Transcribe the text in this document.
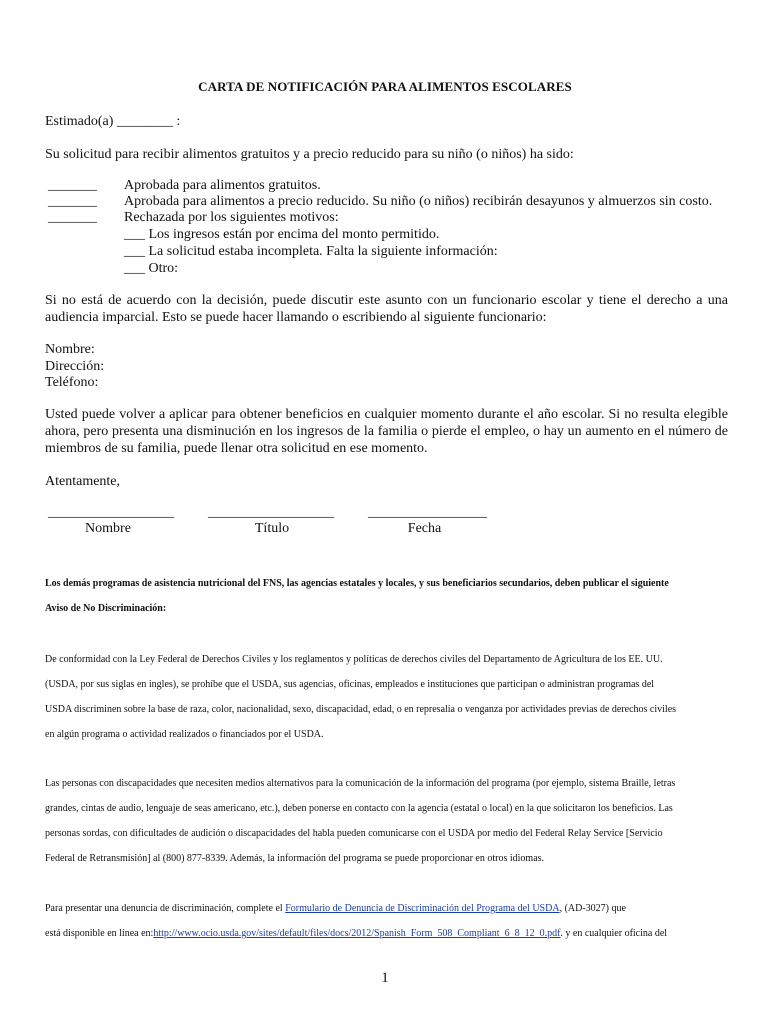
CARTA DE NOTIFICACIÓN PARA ALIMENTOS ESCOLARES
Estimado(a) ________ :
Su solicitud para recibir alimentos gratuitos y a precio reducido para su niño (o niños) ha sido:
_______
_______
_______
Aprobada para alimentos gratuitos.
Aprobada para alimentos a precio reducido. Su niño (o niños) recibirán desayunos y almuerzos sin costo.
Rechazada por los siguientes motivos:
___ Los ingresos están por encima del monto permitido.
___ La solicitud estaba incompleta. Falta la siguiente información:
___ Otro:
Si no está de acuerdo con la decisión, puede discutir este asunto con un funcionario escolar y tiene el derecho a una audiencia imparcial. Esto se puede hacer llamando o escribiendo al siguiente funcionario:
Nombre:
Dirección:
Teléfono:
Usted puede volver a aplicar para obtener beneficios en cualquier momento durante el año escolar. Si no resulta elegible ahora, pero presenta una disminución en los ingresos de la familia o pierde el empleo, o hay un aumento en el número de miembros de su familia, puede llenar otra solicitud en ese momento.
Atentamente,
__________________ __________________ _________________
Nombre	Título	Fecha
Los demás programas de asistencia nutricional del FNS, las agencias estatales y locales, y sus beneficiarios secundarios, deben publicar el siguiente
Aviso de No Discriminación:
De conformidad con la Ley Federal de Derechos Civiles y los reglamentos y políticas de derechos civiles del Departamento de Agricultura de los EE. UU.
(USDA, por sus siglas en ingles), se prohíbe que el USDA, sus agencias, oficinas, empleados e instituciones que participan o administran programas del
USDA discriminen sobre la base de raza, color, nacionalidad, sexo, discapacidad, edad, o en represalia o venganza por actividades previas de derechos civiles
en algún programa o actividad realizados o financiados por el USDA.
Las personas con discapacidades que necesiten medios alternativos para la comunicación de la información del programa (por ejemplo, sistema Braille, letras
grandes, cintas de audio, lenguaje de seas americano, etc.), deben ponerse en contacto con la agencia (estatal o local) en la que solicitaron los beneficios. Las
personas sordas, con dificultades de audición o discapacidades del habla pueden comunicarse con el USDA por medio del Federal Relay Service [Servicio
Federal de Retransmisión] al (800) 877-8339. Además, la información del programa se puede proporcionar en otros idiomas.
Para presentar una denuncia de discriminación, complete el Formulario de Denuncia de Discriminación del Programa del USDA, (AD-3027) que
está disponible en línea en:http://www.ocio.usda.gov/sites/default/files/docs/2012/Spanish_Form_508_Compliant_6_8_12_0.pdf. y en cualquier oficina del
1
